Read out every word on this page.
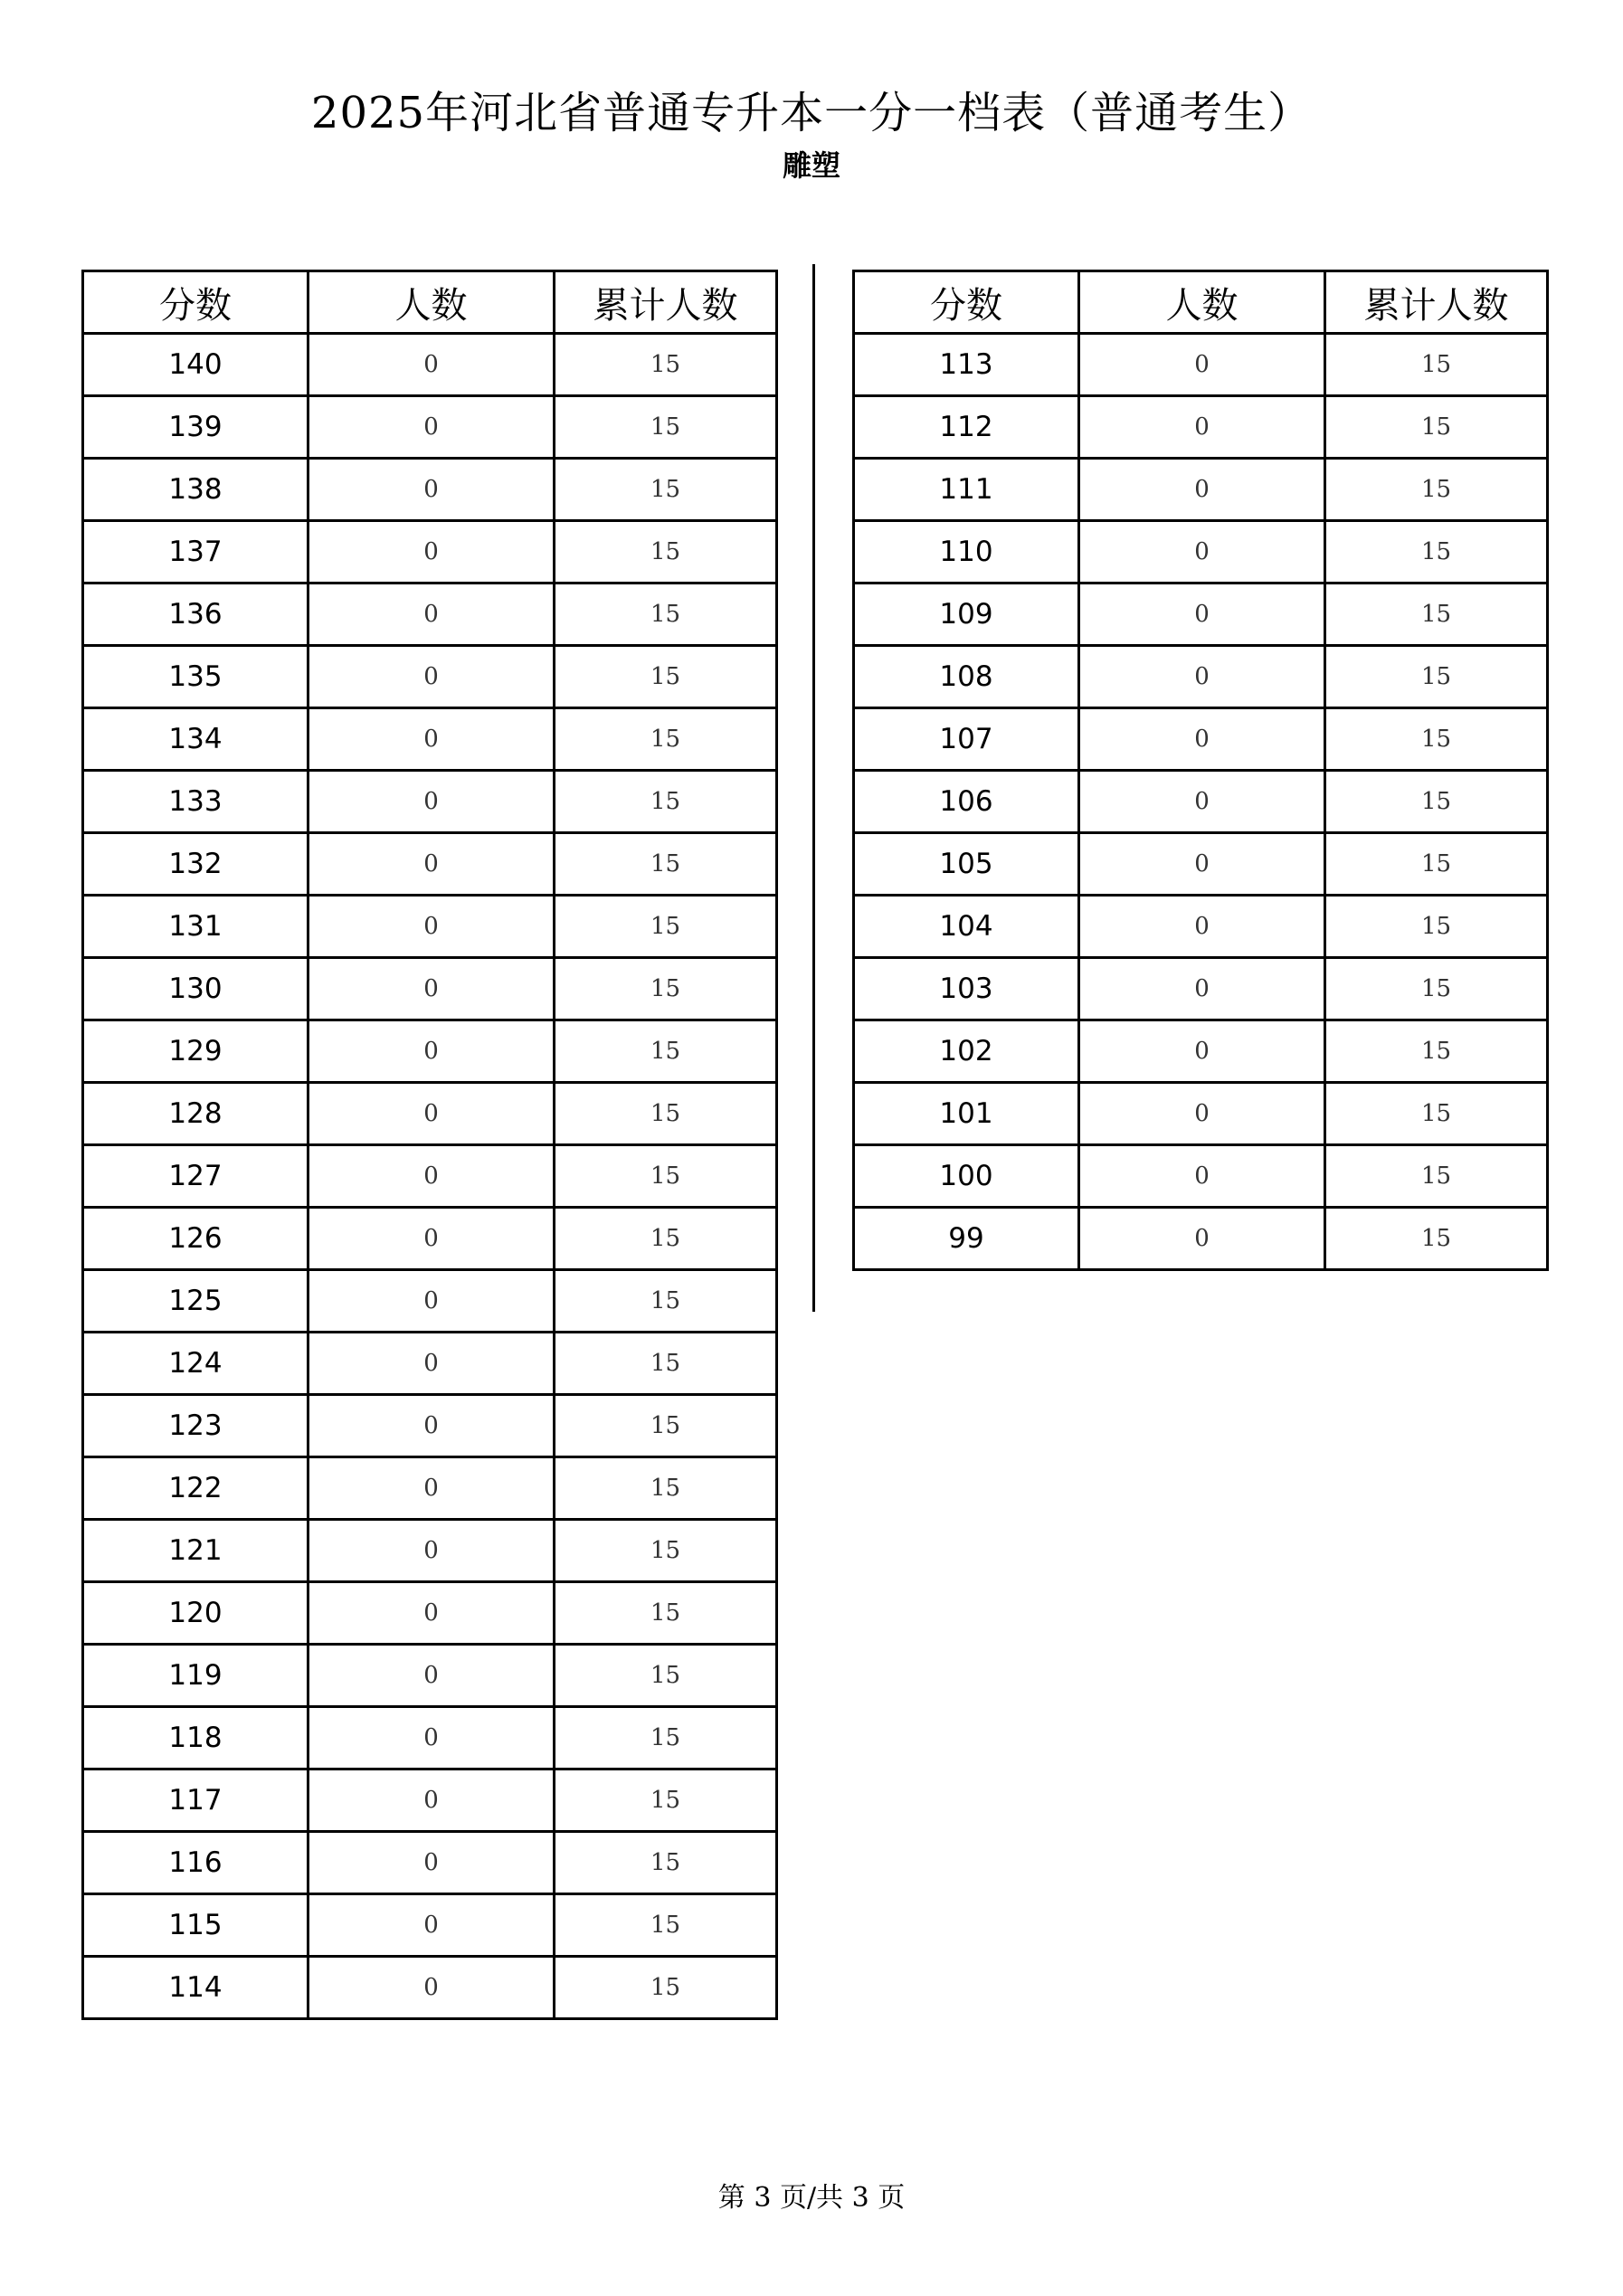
2025年河北省普通专升本一分一档表（普通考生）
雕塑
分数	人数	累计人数
140	0	15
139	0	15
138	0	15
137	0	15
136	0	15
135	0	15
134	0	15
133	0	15
132	0	15
131	0	15
130	0	15
129	0	15
128	0	15
127	0	15
126	0	15
125	0	15
124	0	15
123	0	15
122	0	15
121	0	15
120	0	15
119	0	15
118	0	15
117	0	15
116	0	15
115	0	15
114	0	15
分数	人数	累计人数
113	0	15
112	0	15
111	0	15
110	0	15
109	0	15
108	0	15
107	0	15
106	0	15
105	0	15
104	0	15
103	0	15
102	0	15
101	0	15
100	0	15
99	0	15
第 3 页/共 3 页
